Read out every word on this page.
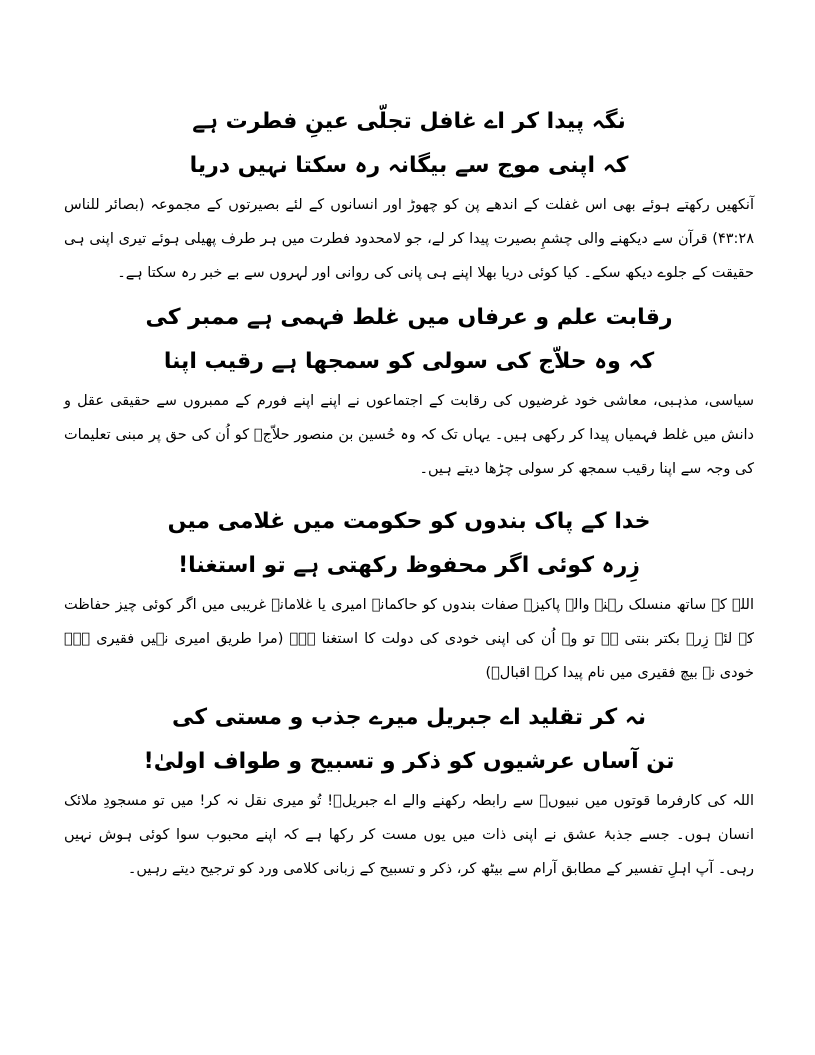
نگہ پیدا کر اے غافل تجلّی عینِ فطرت ہے
کہ اپنی موج سے بیگانہ رہ سکتا نہیں دریا

آنکھیں رکھتے ہوئے بھی اس غفلت کے اندھے پن کو چھوڑ اور انسانوں کے لئے بصیرتوں کے مجموعہ (بصائر للناس ۴۳:۲۸) قرآن سے دیکھنے والی چشمِ بصیرت پیدا کر لے، جو لامحدود فطرت میں ہر طرف پھیلی ہوئے تیری اپنی ہی حقیقت کے جلوے دیکھ سکے۔ کیا کوئی دریا بھلا اپنے ہی پانی کی روانی اور لہروں سے بے خبر رہ سکتا ہے۔

رقابت علم و عرفاں میں غلط فہمی ہے ممبر کی
کہ وہ حلاّج کی سولی کو سمجھا ہے رقیب اپنا

سیاسی، مذہبی، معاشی خود غرضیوں کی رقابت کے اجتماعوں نے اپنے اپنے فورم کے ممبروں سے حقیقی عقل و دانش میں غلط فہمیاں پیدا کر رکھی ہیں۔ یہاں تک کہ وہ حُسین بن منصور حلاّجؒ کو اُن کی حق پر مبنی تعلیمات کی وجہ سے اپنا رقیب سمجھ کر سولی چڑھا دیتے ہیں۔

خدا کے پاک بندوں کو حکومت میں غلامی میں
زِرہ کوئی اگر محفوظ رکھتی ہے تو استغنا!

اللہ کے ساتھ منسلک رہنے والے پاکیزہ صفات بندوں کو حاکمانہ امیری یا غلامانہ غریبی میں اگر کوئی چیز حفاظت کے لئے زِرہ بکتر بنتی ہے تو وہ اُن کی اپنی خودی کی دولت کا استغنا ہے۔ (مرا طریق امیری نہیں فقیری ہے۔ خودی نہ بیچ فقیری میں نام پیدا کر۔ اقبالؒ)

نہ کر تقلید اے جبریل میرے جذب و مستی کی
تن آساں عرشیوں کو ذکر و تسبیح و طواف اولیٰ!

اللہ کی کارفرما قوتوں میں نبیوںؑ سے رابطہ رکھنے والے اے جبریلؑ! تُو میری نقل نہ کر! میں تو مسجودِ ملائک انسان ہوں۔ جسے جذبۂ عشق نے اپنی ذات میں یوں مست کر رکھا ہے کہ اپنے محبوب سوا کوئی ہوش نہیں رہی۔ آپ اہلِ تفسیر کے مطابق آرام سے بیٹھ کر، ذکر و تسبیح کے زبانی کلامی ورد کو ترجیح دیتے رہیں۔
